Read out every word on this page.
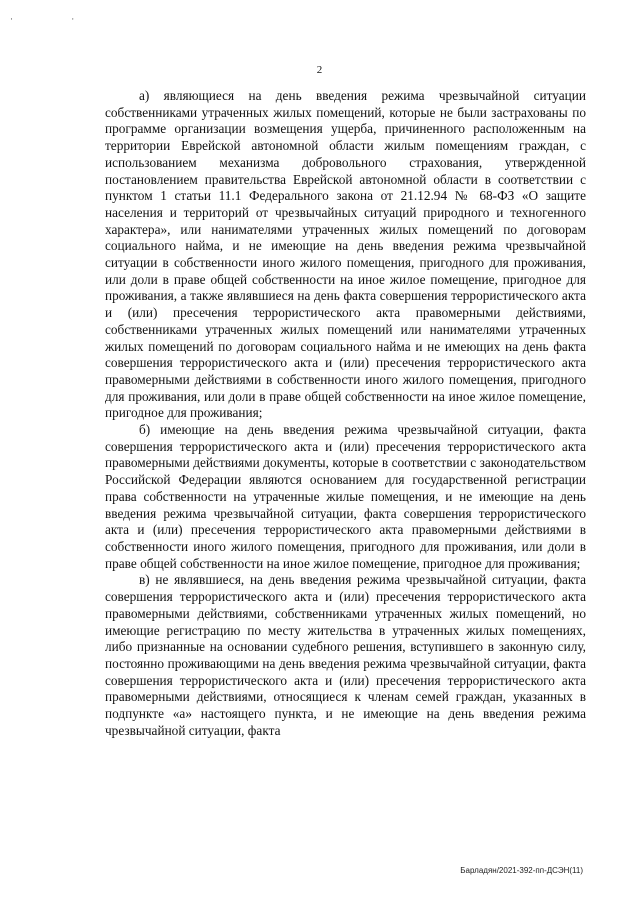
· ·
2

а) являющиеся на день введения режима чрезвычайной ситуации собственниками утраченных жилых помещений, которые не были застрахованы по программе организации возмещения ущерба, причиненного расположенным на территории Еврейской автономной области жилым помещениям граждан, с использованием механизма добровольного страхования, утвержденной постановлением правительства Еврейской автономной области в соответствии с пунктом 1 статьи 11.1 Федерального закона от 21.12.94 № 68-ФЗ «О защите населения и территорий от чрезвычайных ситуаций природного и техногенного характера», или нанимателями утраченных жилых помещений по договорам социального найма, и не имеющие на день введения режима чрезвычайной ситуации в собственности иного жилого помещения, пригодного для проживания, или доли в праве общей собственности на иное жилое помещение, пригодное для проживания, а также являвшиеся на день факта совершения террористического акта и (или) пресечения террористического акта правомерными действиями, собственниками утраченных жилых помещений или нанимателями утраченных жилых помещений по договорам социального найма и не имеющих на день факта совершения террористического акта и (или) пресечения террористического акта правомерными действиями в собственности иного жилого помещения, пригодного для проживания, или доли в праве общей собственности на иное жилое помещение, пригодное для проживания;

б) имеющие на день введения режима чрезвычайной ситуации, факта совершения террористического акта и (или) пресечения террористического акта правомерными действиями документы, которые в соответствии с законодательством Российской Федерации являются основанием для государственной регистрации права собственности на утраченные жилые помещения, и не имеющие на день введения режима чрезвычайной ситуации, факта совершения террористического акта и (или) пресечения террористического акта правомерными действиями в собственности иного жилого помещения, пригодного для проживания, или доли в праве общей собственности на иное жилое помещение, пригодное для проживания;

в) не являвшиеся, на день введения режима чрезвычайной ситуации, факта совершения террористического акта и (или) пресечения террористического акта правомерными действиями, собственниками утраченных жилых помещений, но имеющие регистрацию по месту жительства в утраченных жилых помещениях, либо признанные на основании судебного решения, вступившего в законную силу, постоянно проживающими на день введения режима чрезвычайной ситуации, факта совершения террористического акта и (или) пресечения террористического акта правомерными действиями, относящиеся к членам семей граждан, указанных в подпункте «а» настоящего пункта, и не имеющие на день введения режима чрезвычайной ситуации, факта

Барладян/2021-392-пп-ДСЭН(11)
